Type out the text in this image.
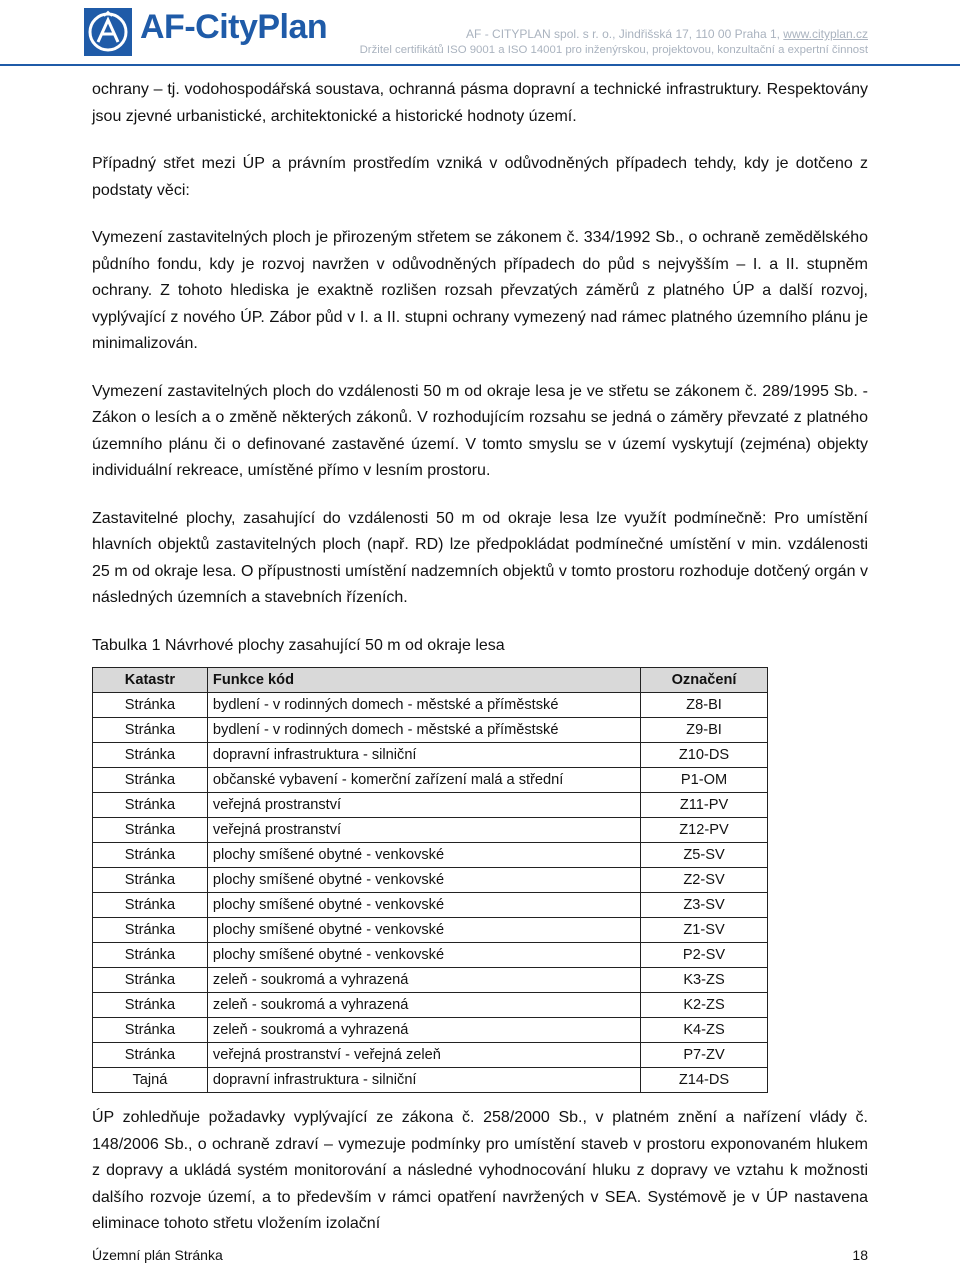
AF-CityPlan	AF - CITYPLAN spol. s r. o., Jindřišská 17, 110 00 Praha 1, www.cityplan.cz
Držitel certifikátů ISO 9001 a ISO 14001 pro inženýrskou, projektovou, konzultační a expertní činnost

ochrany – tj. vodohospodářská soustava, ochranná pásma dopravní a technické infrastruktury. Respektovány jsou zjevné urbanistické, architektonické a historické hodnoty území.

Případný střet mezi ÚP a právním prostředím vzniká v odůvodněných případech tehdy, kdy je dotčeno z podstaty věci:

Vymezení zastavitelných ploch je přirozeným střetem se zákonem č. 334/1992 Sb., o ochraně zemědělského půdního fondu, kdy je rozvoj navržen v odůvodněných případech do půd s nejvyšším – I. a II. stupněm ochrany. Z tohoto hlediska je exaktně rozlišen rozsah převzatých záměrů z platného ÚP a další rozvoj, vyplývající z nového ÚP. Zábor půd v I. a II. stupni ochrany vymezený nad rámec platného územního plánu je minimalizován.

Vymezení zastavitelných ploch do vzdálenosti 50 m od okraje lesa je ve střetu se zákonem č. 289/1995 Sb. - Zákon o lesích a o změně některých zákonů. V rozhodujícím rozsahu se jedná o záměry převzaté z platného územního plánu či o definované zastavěné území. V tomto smyslu se v území vyskytují (zejména) objekty individuální rekreace, umístěné přímo v lesním prostoru.

Zastavitelné plochy, zasahující do vzdálenosti 50 m od okraje lesa lze využít podmínečně: Pro umístění hlavních objektů zastavitelných ploch (např. RD) lze předpokládat podmínečné umístění v min. vzdálenosti 25 m od okraje lesa. O přípustnosti umístění nadzemních objektů v tomto prostoru rozhoduje dotčený orgán v následných územních a stavebních řízeních.

Tabulka 1 Návrhové plochy zasahující 50 m od okraje lesa

Katastr	Funkce kód	Označení
Stránka	bydlení - v rodinných domech - městské a příměstské	Z8-BI
Stránka	bydlení - v rodinných domech - městské a příměstské	Z9-BI
Stránka	dopravní infrastruktura - silniční	Z10-DS
Stránka	občanské vybavení - komerční zařízení malá a střední	P1-OM
Stránka	veřejná prostranství	Z11-PV
Stránka	veřejná prostranství	Z12-PV
Stránka	plochy smíšené obytné - venkovské	Z5-SV
Stránka	plochy smíšené obytné - venkovské	Z2-SV
Stránka	plochy smíšené obytné - venkovské	Z3-SV
Stránka	plochy smíšené obytné - venkovské	Z1-SV
Stránka	plochy smíšené obytné - venkovské	P2-SV
Stránka	zeleň - soukromá a vyhrazená	K3-ZS
Stránka	zeleň - soukromá a vyhrazená	K2-ZS
Stránka	zeleň - soukromá a vyhrazená	K4-ZS
Stránka	veřejná prostranství - veřejná zeleň	P7-ZV
Tajná	dopravní infrastruktura - silniční	Z14-DS

ÚP zohledňuje požadavky vyplývající ze zákona č. 258/2000 Sb., v platném znění a nařízení vlády č. 148/2006 Sb., o ochraně zdraví – vymezuje podmínky pro umístění staveb v prostoru exponovaném hlukem z dopravy a ukládá systém monitorování a následné vyhodnocování hluku z dopravy ve vztahu k možnosti dalšího rozvoje území, a to především v rámci opatření navržených v SEA. Systémově je v ÚP nastavena eliminace tohoto střetu vložením izolační

Územní plán Stránka	18
